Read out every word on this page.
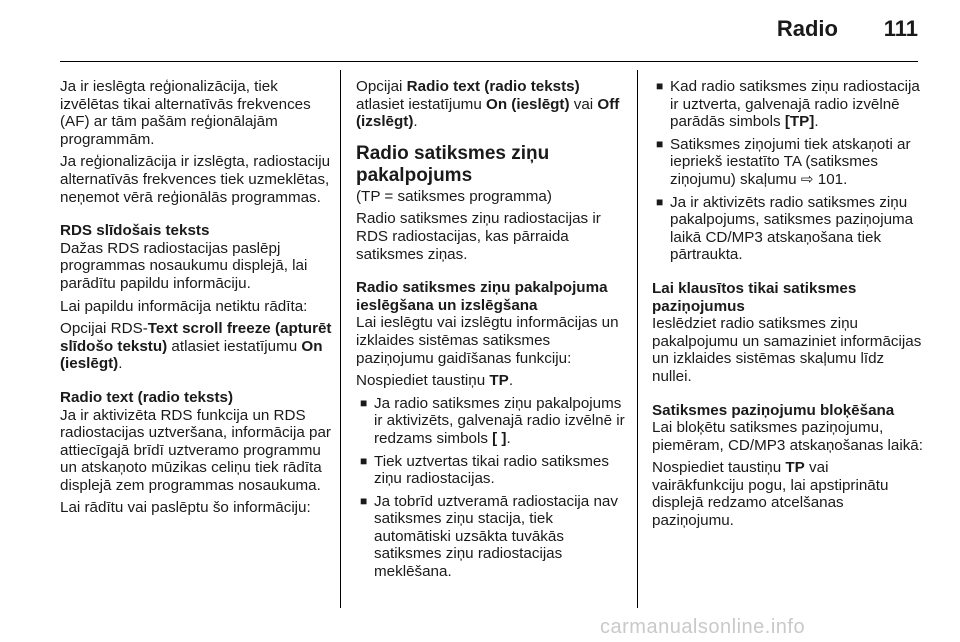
Radio 111

Ja ir ieslēgta reģionalizācija, tiek izvēlētas tikai alternatīvās frekvences (AF) ar tām pašām reģionālajām programmām.

Ja reģionalizācija ir izslēgta, radiostaciju alternatīvās frekvences tiek uzmeklētas, neņemot vērā reģionālās programmas.

RDS slīdošais teksts

Dažas RDS radiostacijas paslēpj programmas nosaukumu displejā, lai parādītu papildu informāciju.

Lai papildu informācija netiktu rādīta:

Opcijai RDS-Text scroll freeze (apturēt slīdošo tekstu) atlasiet iestatījumu On (ieslēgt).

Radio text (radio teksts)

Ja ir aktivizēta RDS funkcija un RDS radiostacijas uztveršana, informācija par attiecīgajā brīdī uztveramo programmu un atskaņoto mūzikas celiņu tiek rādīta displejā zem programmas nosaukuma.

Lai rādītu vai paslēptu šo informāciju:

Opcijai Radio text (radio teksts) atlasiet iestatījumu On (ieslēgt) vai Off (izslēgt).

Radio satiksmes ziņu pakalpojums

(TP = satiksmes programma)

Radio satiksmes ziņu radiostacijas ir RDS radiostacijas, kas pārraida satiksmes ziņas.

Radio satiksmes ziņu pakalpojuma ieslēgšana un izslēgšana

Lai ieslēgtu vai izslēgtu informācijas un izklaides sistēmas satiksmes paziņojumu gaidīšanas funkciju:

Nospiediet taustiņu TP.

■ Ja radio satiksmes ziņu pakalpojums ir aktivizēts, galvenajā radio izvēlnē ir redzams simbols [ ].
■ Tiek uztvertas tikai radio satiksmes ziņu radiostacijas.
■ Ja tobrīd uztveramā radiostacija nav satiksmes ziņu stacija, tiek automātiski uzsākta tuvākās satiksmes ziņu radiostacijas meklēšana.
■ Kad radio satiksmes ziņu radiostacija ir uztverta, galvenajā radio izvēlnē parādās simbols [TP].
■ Satiksmes ziņojumi tiek atskaņoti ar iepriekš iestatīto TA (satiksmes ziņojumu) skaļumu ⇨ 101.
■ Ja ir aktivizēts radio satiksmes ziņu pakalpojums, satiksmes paziņojuma laikā CD/MP3 atskaņošana tiek pārtraukta.

Lai klausītos tikai satiksmes paziņojumus

Ieslēdziet radio satiksmes ziņu pakalpojumu un samaziniet informācijas un izklaides sistēmas skaļumu līdz nullei.

Satiksmes paziņojumu bloķēšana

Lai bloķētu satiksmes paziņojumu, piemēram, CD/MP3 atskaņošanas laikā:

Nospiediet taustiņu TP vai vairākfunkciju pogu, lai apstiprinātu displejā redzamo atcelšanas paziņojumu.

carmanualsonline.info
